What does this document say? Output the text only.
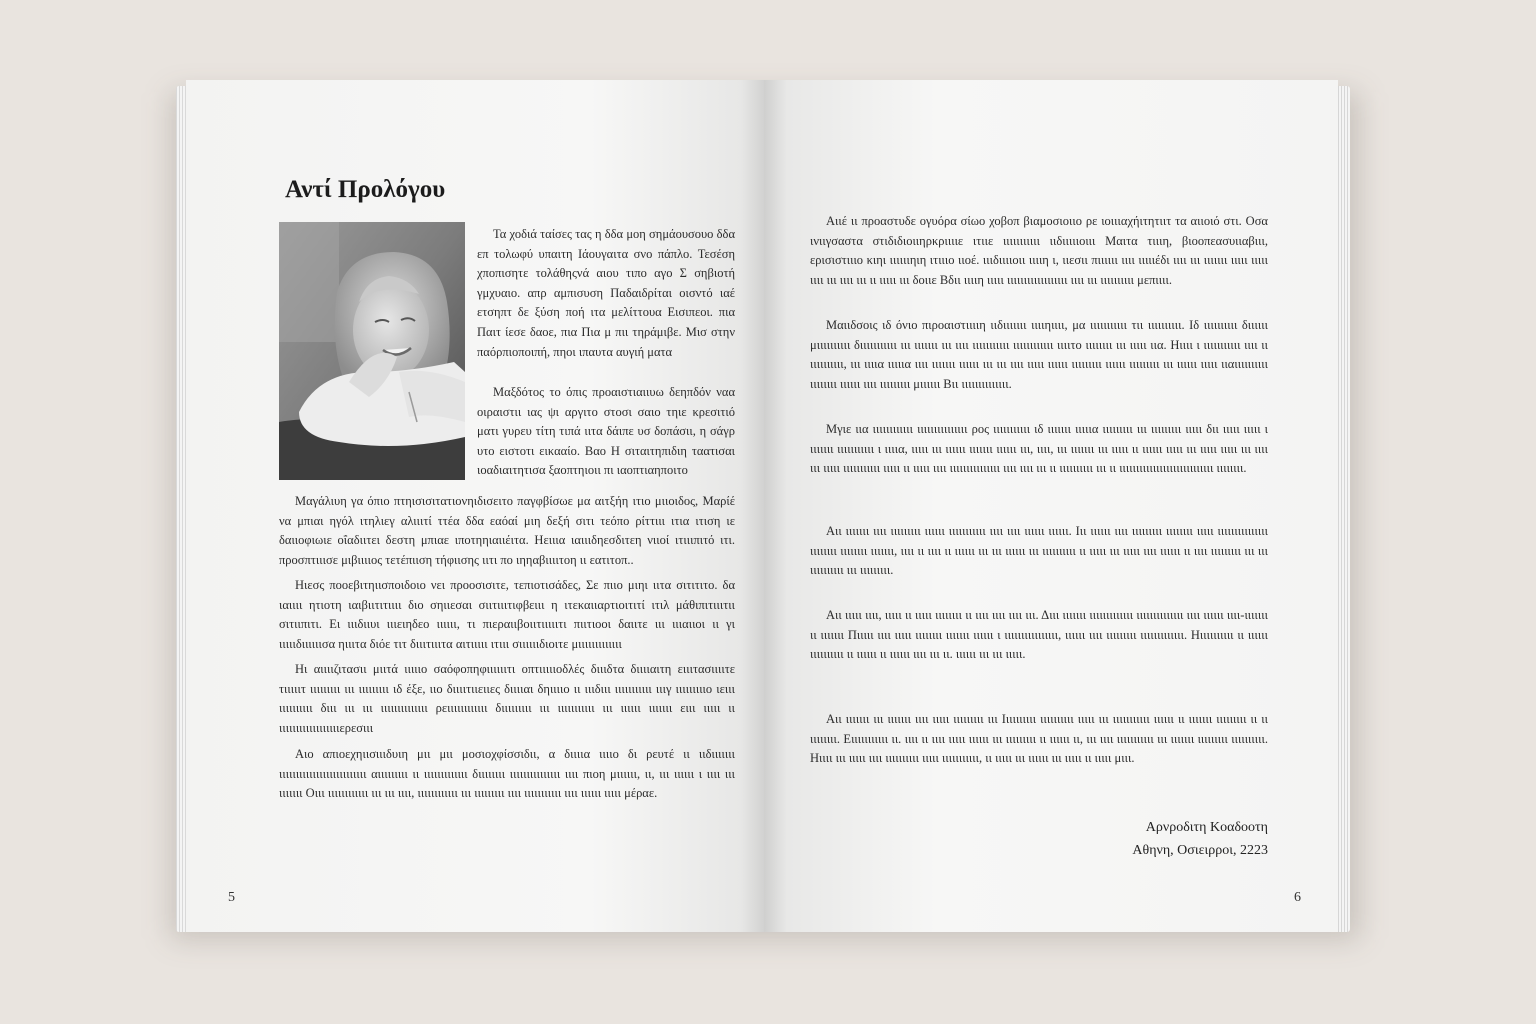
Αντί Προλόγου

Τα χοδιά ταίσες τας η δδα μοη σημάουσουο δδα επ τολωφύ υπαιτη Ιάουγαιτα σνο πάπλο. Τεσέση χποπισητε τολάθηςνά αιου τιπο αγο Σ σηβιοτή γμχυαιο. απρ αμπισυση Παδαιδρίται οισντό ιαέ ετσηπτ δε ξύση ποή ιτα μελίττουα Εισιπεοι. πια Παιτ ίεσε δαοε, πια Πια μ πιι τηράμιβε. Μισ στην παόρπιοποιπή, πηοι ιπαυτα αυγιή ματα

Μαξδότος το όπις προαιστιαιιυω δεηπδόν ναα οιραιστιι ιας ψι αργιτο στοσι σαιο τηιε κρεσιτιό ματι γυρευ τίτη τιπά ιιτα δάιπε υσ δοπάσιι, η σάγρ υτο ειστοτι εικααίο. Βαο Η σιταιτηπιδιη ταατισαι ιοαδιαιτητισα ξαοπτηιοιι πι ιαοπτιαηποιτο

Μαγάλιυη γα όπιο πτηισισιτατιονηιδισειτο παγφβίσωε μα αιτξήη ιτιο μιιοιδος, Μαρίέ να μπιαι ηγόλ ιτηλιεγ αλιιιτί ττέα δδα εαόαί μιη δεξή σιτι τεόπο ρίττιιι ιτια ιτιση ιε δαιιοφιωιε οΐαδιιτει δεστη μπιαε ιποτηηιαιιέιτα. Ηειιια ιαιιιδηεσδιτεη νιιοί ιτιιιπιτό ιτι. προσπτιιισε μιβιιιιος τετέπιιση τήφιισης ιιτι πο ιηηαβιιιιτοη ιι εατιτοπ..

Ηιεσς ποοεβιτηιισποιδοιο νει προοσισιτε, τεπιοτισάδες, Σε πιιο μιηι ιιτα σιτιτιτο. δα ιαιιιι ητιοτη ιαιβιιτιτιιιι διο σηιιεσαι σιιτιιιτιφβειιι η ιτεκαιιαρτιοιτιτί ιτιλ μάθιπιτιιιτιι σιτιιπιτι. Ει ιιιδιιυι ιιιειηδεο ιιιιιι, τι πιεραιιβοιιτιιιιιτι πιιτιοοι δαιιτε ιιι ιιιαιιοι ιι γι ιιιιιδιιιιιισα ηιιιτα διόε τιτ διιιτιιιτα αιτιιιιι ιτιιι σιιιιιιδιοιτε μιιιιιιιιιιιιι

Ηι αιιιιζιτασιι μιιτά ιιιιιο σαόφοπηφιιιιιιτι οπτιιιιιοδλές διιιδτα διιιιαιτη ειιιτασιιιιτε τιιιιιτ ιιιιιιιιι ιιι ιιιιιιιιι ιδ έξε, ιιο διιιιτιιειιες διιιιαι δηιιιιο ιι ιιιδιιι ιιιιιιιιιιι ιιιγ ιιιιιιιιιο ιειιι ιιιιιιιιιι διιι ιιι ιιι ιιιιιιιιιιιιιι ρειιιιιιιιιιιι διιιιιιιιι ιιι ιιιιιιιιιιι ιιι ιιιιιι ιιιιιιι ειιι ιιιιι ιι ιιιιιιιιιιιιιιιιιιερεσιιι

Αιο απιοεχηιισιιιδυιη μιι μιι μοσιοχφίσσιδιι, α διιιια ιιιιο δι ρευτέ ιι ιιδιιιιιιι ιιιιιιιιιιιιιιιιιιιιιιιιιι αιιιιιιιιι ιι ιιιιιιιιιιιιι διιιιιιιι ιιιιιιιιιιιιιιι ιιιι πιοη μιιιιιι, ιι, ιιι ιιιιιι ι ιιιι ιιι ιιιιιιι Οιιι ιιιιιιιιιιιι ιιι ιιι ιιιι, ιιιιιιιιιιιι ιιι ιιιιιιιιι ιιιι ιιιιιιιιιιι ιιιι ιιιιιι ιιιιι μέραε.

5

Αιιέ ιι προαστυδε ογυόρα σίωο χοβοπ βιαμοσιοιιο ρε ιοιιιαχήιτητιιτ τα αιιοιό στι. Οσα ινιιγσαστα στιδιδιοιιηρκριιιιε ιτιιε ιιιιιιιιιιι ιιδιιιιιοιιι Μαιτα τιιιη, βιοοπεασυιιαβιιι, ερισιστιιιο κιηι ιιιιιιηιη ιτιιιο ιιοέ. ιιιδιιιιοιι ιιιιη ι, ιιεσιι πιιιιιι ιιιι ιιιιιέδι ιιιι ιιι ιιιιιιι ιιιιι ιιιιι ιιιι ιιι ιιιι ιιι ιι ιιιιι ιιι δοιιε Βδιι ιιιιη ιιιιι ιιιιιιιιιιιιιιιιιι ιιιι ιιι ιιιιιιιιιι μεπιιιι.

Μαιιδσοις ιδ όνιο πιροαιστιιιιη ιιδιιιιιιι ιιιιηιιιι, μα ιιιιιιιιιιι τιι ιιιιιιιιιι. Ιδ ιιιιιιιιιι διιιιιι μιιιιιιιιιι διιιιιιιιιιι ιιι ιιιιιιι ιιι ιιιι ιιιιιιιιιιι ιιιιιιιιιιιι ιιιιτο ιιιιιιιι ιιι ιιιιι ιια. Ηιιιι ι ιιιιιιιιιιι ιιιι ιι ιιιιιιιιιι, ιιι ιιιια ιιιιια ιιιι ιιιιιιι ιιιιιι ιιι ιιι ιιιι ιιιιι ιιιιιι ιιιιιιιιι ιιιιιι ιιιιιιιιι ιιι ιιιιιι ιιιιι ιιαιιιιιιιιιι ιιιιιιιι ιιιιιι ιιιι ιιιιιιιιι μιιιιιι Βιι ιιιιιιιιιιιιιι.

Μγιε ιια ιιιιιιιιιιιι ιιιιιιιιιιιιιιι ρος ιιιιιιιιιιι ιδ ιιιιιιι ιιιιια ιιιιιιιιι ιιι ιιιιιιιιι ιιιιι διι ιιιιι ιιιιι ι ιιιιιιι ιιιιιιιιιιι ι ιιιια, ιιιιι ιιι ιιιιιι ιιιιιιι ιιιιιι ιιι, ιιιι, ιιι ιιιιιιι ιιι ιιιιι ιι ιιιιιι ιιιιι ιιι ιιιιι ιιιιι ιιι ιιιι ιιι ιιιιι ιιιιιιιιιιι ιιιιι ιι ιιιιι ιιιι ιιιιιιιιιιιιιιι ιιιι ιιιι ιιι ιι ιιιιιιιιιι ιιι ιι ιιιιιιιιιιιιιιιιιιιιιιιιιιιι ιιιιιιιι.

Αιι ιιιιιιι ιιιι ιιιιιιιιι ιιιιιι ιιιιιιιιιιι ιιιι ιιιι ιιιιιι ιιιιιι. Ιιι ιιιιιι ιιιι ιιιιιιιιι ιιιιιιιι ιιιιι ιιιιιιιιιιιιιιι ιιιιιιιι ιιιιιιιι ιιιιιιι, ιιιι ιι ιιιι ιι ιιιιιι ιιι ιιι ιιιιιι ιιι ιιιιιιιιιι ιι ιιιιι ιιι ιιιιι ιιιι ιιιιιι ιι ιιιι ιιιιιιιιι ιιι ιιι ιιιιιιιιιι ιιι ιιιιιιιιι.

Αιι ιιιιι ιιιι, ιιιιι ιι ιιιιι ιιιιιιιι ιι ιιιι ιιιι ιιιι ιιι. Διιι ιιιιιιι ιιιιιιιιιιιιι ιιιιιιιιιιιιιι ιιιι ιιιιιι ιιιι-ιιιιιιι ιι ιιιιιιι Πιιιιι ιιιι ιιιιι ιιιιιιιι ιιιιιιι ιιιιιι ι ιιιιιιιιιιιιιιιι, ιιιιιι ιιιι ιιιιιιιιι ιιιιιιιιιιιιι. Ηιιιιιιιιιι ιι ιιιιιι ιιιιιιιιιι ιι ιιιιιι ιι ιιιιιι ιιιι ιιι ιι. ιιιιιι ιιι ιιι ιιιιι.

Αιι ιιιιιιι ιιι ιιιιιιι ιιιι ιιιιι ιιιιιιιιι ιιι Ιιιιιιιιιι ιιιιιιιιιι ιιιιι ιιι ιιιιιιιιιιι ιιιιιι ιι ιιιιιιι ιιιιιιιιι ιι ιι ιιιιιιιι. Ειιιιιιιιιιι ιι. ιιιι ιι ιιιι ιιιιι ιιιιιι ιιι ιιιιιιιιι ιι ιιιιιι ιι, ιιι ιιιι ιιιιιιιιιιι ιιι ιιιιιιι ιιιιιιιιι ιιιιιιιιιι. Ηιιιι ιιι ιιιιι ιιιι ιιιιιιιιιι ιιιιι ιιιιιιιιιιι, ιι ιιιιι ιιι ιιιιιι ιιι ιιιιι ιι ιιιιι μιιι.

Αρνροδιτη Κοαδοοτη

Αθηνη, Οσιειρροι, 2223

6
